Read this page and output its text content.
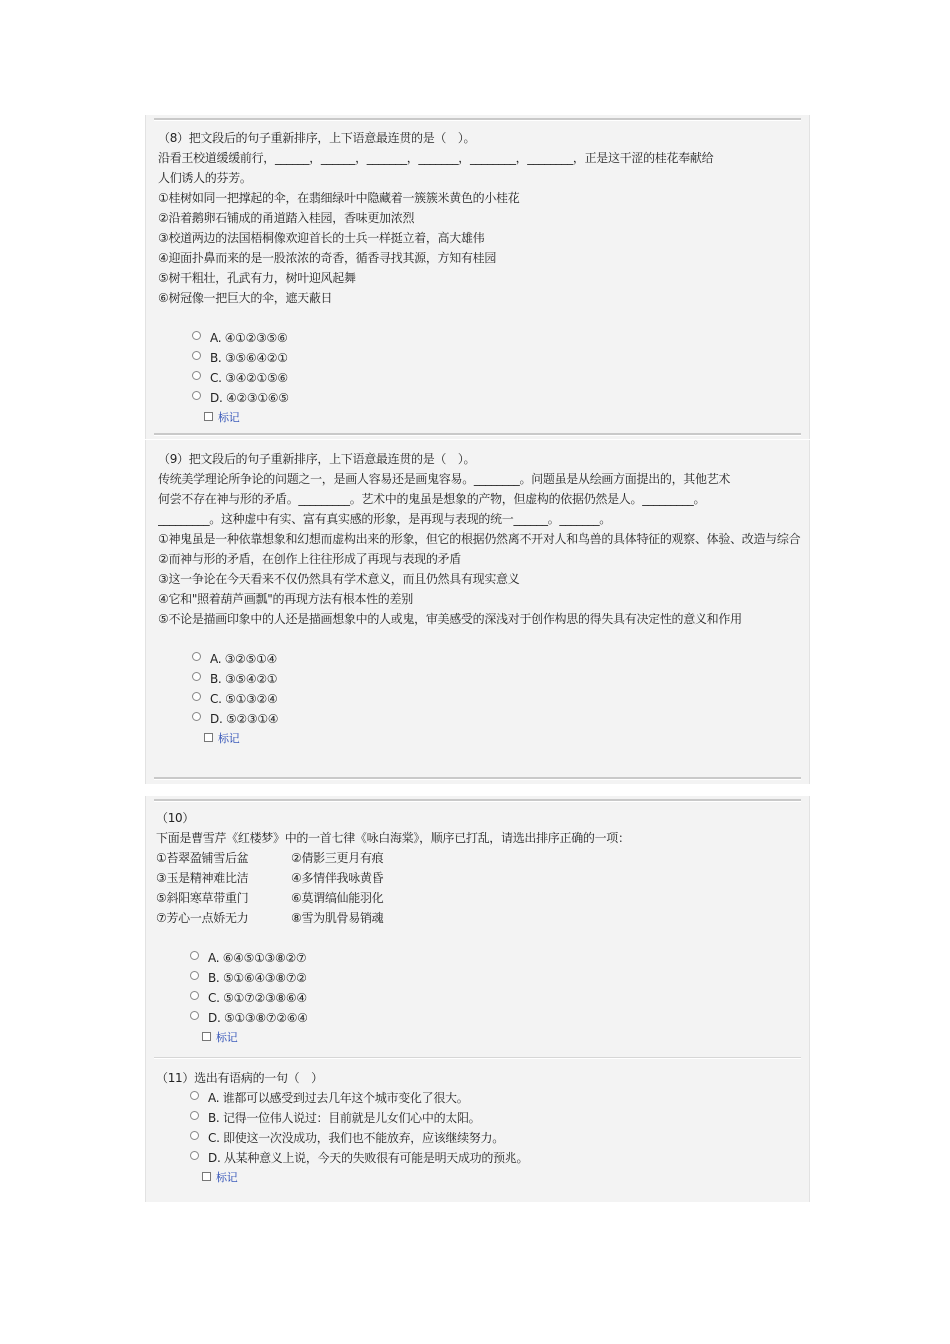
（8）把文段后的句子重新排序，上下语意最连贯的是（　）。
沿看王校道缓缓前行，______，______，_______，_______，________，________，正是这干涩的桂花奉献给
人们诱人的芬芳。
①桂树如同一把撑起的伞，在翡细绿叶中隐藏着一簇簇米黄色的小桂花
②沿着鹅卵石铺成的甬道踏入桂园，香味更加浓烈
③校道两边的法国梧桐像欢迎首长的士兵一样挺立着，高大雄伟
④迎面扑鼻而来的是一股浓浓的奇香，循香寻找其源，方知有桂园
⑤树干粗壮，孔武有力，树叶迎风起舞
⑥树冠像一把巨大的伞，遮天蔽日
A. ④①②③⑤⑥
B. ③⑤⑥④②①
C. ③④②①⑤⑥
D. ④②③①⑥⑤
标记
（9）把文段后的句子重新排序，上下语意最连贯的是（　）。
传统美学理论所争论的问题之一，是画人容易还是画鬼容易。________。问题虽是从绘画方面提出的，其他艺术
何尝不存在神与形的矛盾。_________。艺术中的鬼虽是想象的产物，但虚构的依据仍然是人。_________。
_________。这种虚中有实、富有真实感的形象，是再现与表现的统一______。_______。
①神鬼虽是一种依靠想象和幻想而虚构出来的形象，但它的根据仍然离不开对人和鸟兽的具体特征的观察、体验、改造与综合
②而神与形的矛盾，在创作上往往形成了再现与表现的矛盾
③这一争论在今天看来不仅仍然具有学术意义，而且仍然具有现实意义
④它和"照着葫芦画瓢"的再现方法有根本性的差别
⑤不论是描画印象中的人还是描画想象中的人或鬼，审美感受的深浅对于创作构思的得失具有决定性的意义和作用
A. ③②⑤①④
B. ③⑤④②①
C. ⑤①③②④
D. ⑤②③①④
标记
（10）
下面是曹雪芹《红楼梦》中的一首七律《咏白海棠》，顺序已打乱，请选出排序正确的一项：
①苔翠盈铺雪后盆	②倩影三更月有痕
③玉是精神难比洁	④多情伴我咏黄昏
⑤斜阳寒草带重门	⑥莫谓缟仙能羽化
⑦芳心一点娇无力	⑧雪为肌骨易销魂
A. ⑥④⑤①③⑧②⑦
B. ⑤①⑥④③⑧⑦②
C. ⑤①⑦②③⑧⑥④
D. ⑤①③⑧⑦②⑥④
标记
（11）选出有语病的一句（　）
A. 谁都可以感受到过去几年这个城市变化了很大。
B. 记得一位伟人说过：目前就是儿女们心中的太阳。
C. 即使这一次没成功，我们也不能放弃，应该继续努力。
D. 从某种意义上说，今天的失败很有可能是明天成功的预兆。
标记
